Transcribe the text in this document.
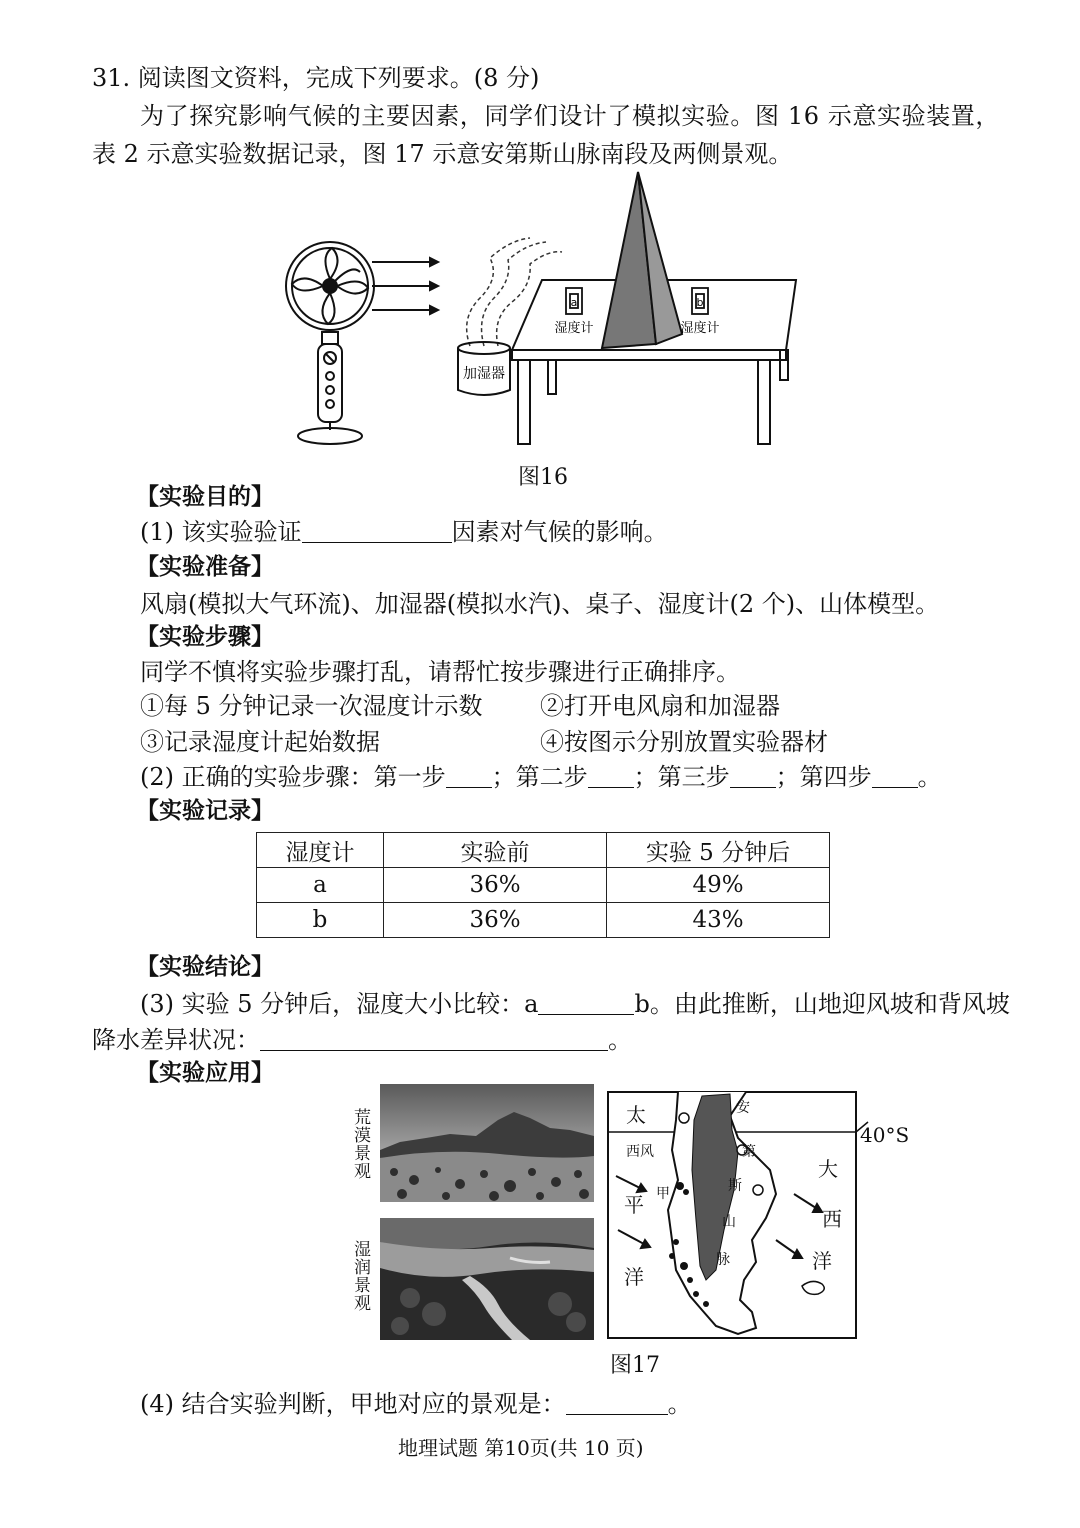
31. 阅读图文资料，完成下列要求。(8 分)
为了探究影响气候的主要因素，同学们设计了模拟实验。图 16 示意实验装置，
表 2 示意实验数据记录，图 17 示意安第斯山脉南段及两侧景观。
加湿器
a
湿度计
b
湿度计
图16
【实验目的】
(1) 该实验验证	因素对气候的影响。
【实验准备】
风扇(模拟大气环流)、加湿器(模拟水汽)、桌子、湿度计(2 个)、山体模型。
【实验步骤】
同学不慎将实验步骤打乱，请帮忙按步骤进行正确排序。
①每 5 分钟记录一次湿度计示数 ②打开电风扇和加湿器
③记录湿度计起始数据	④按图示分别放置实验器材
(2) 正确的实验步骤：第一步 ；第二步 ；第三步 ；第四步 。
【实验记录】
湿度计	实验前	实验 5 分钟后
a	36%	49%
b	36%	43%
【实验结论】
(3) 实验 5 分钟后，湿度大小比较：a	b。由此推断，山地迎风坡和背风坡
降水差异状况：	。
【实验应用】
荒漠景观
湿润景观
太
西风
甲
平
洋
安
第
斯
山
脉
大
西
洋
40°S
图17
(4) 结合实验判断，甲地对应的景观是：	。
地理试题 第10页(共 10 页)
